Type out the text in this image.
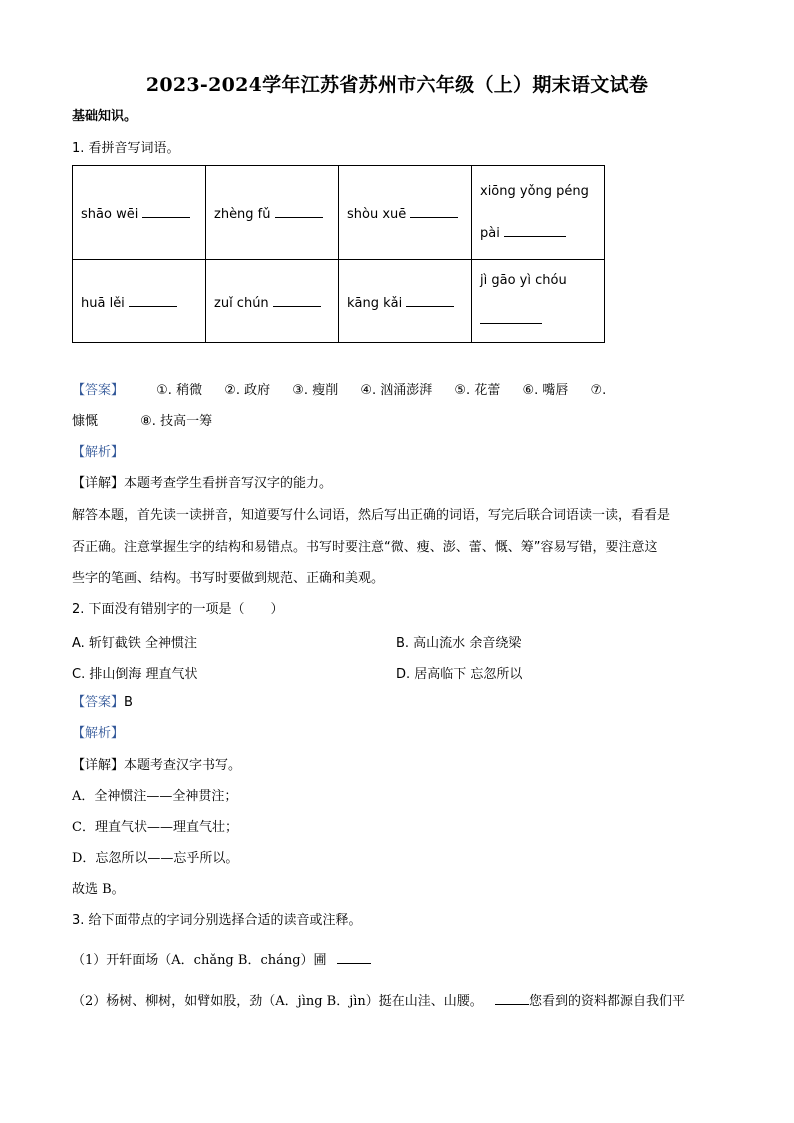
2023-2024学年江苏省苏州市六年级（上）期末语文试卷
基础知识。
1. 看拼音写词语。
shāo wēi	zhèng fǔ	shòu xuē	xiōng yǒng péng
pài
huā lěi	zuǐ chún	kāng kǎi	jì gāo yì chóu

【答案】 ①. 稍微 ②. 政府 ③. 瘦削 ④. 汹涌澎湃 ⑤. 花蕾 ⑥. 嘴唇 ⑦.
慷慨	⑧. 技高一筹
【解析】
【详解】本题考查学生看拼音写汉字的能力。
解答本题，首先读一读拼音，知道要写什么词语，然后写出正确的词语，写完后联合词语读一读，看看是
否正确。注意掌握生字的结构和易错点。书写时要注意“微、瘦、澎、蕾、慨、筹”容易写错，要注意这
些字的笔画、结构。书写时要做到规范、正确和美观。
2. 下面没有错别字的一项是（　　）
A. 斩钉截铁 全神惯注	B. 高山流水 余音绕梁
C. 排山倒海 理直气状	D. 居高临下 忘忽所以
【答案】B
【解析】
【详解】本题考查汉字书写。
A．全神惯注——全神贯注；
C．理直气状——理直气壮；
D．忘忽所以——忘乎所以。
故选 B。
3. 给下面带点的字词分别选择合适的读音或注释。
（1）开轩面场（A．chǎng B．cháng）圃
（2）杨树、柳树，如臂如股，劲（A．jìng B．jìn）挺在山洼、山腰。	您看到的资料都源自我们平
